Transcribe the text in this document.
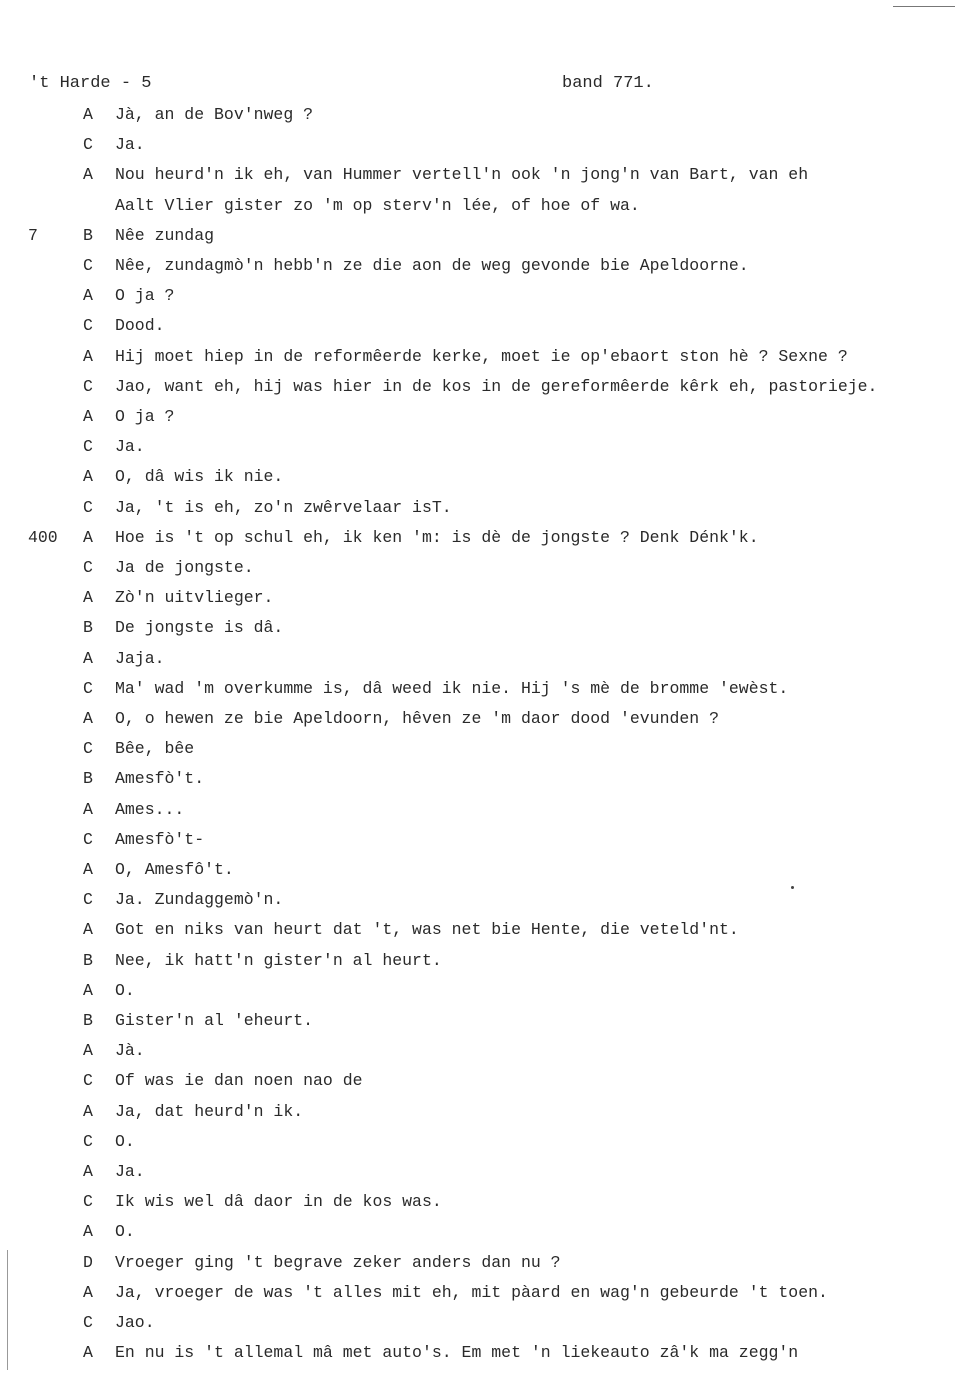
't Harde - 5	band 771.
A Jà, an de Bov'nweg ?
C Ja.
A Nou heurd'n ik eh, van Hummer vertell'n ook 'n jong'n van Bart, van eh
Aalt Vlier gister zo 'm op sterv'n lée, of hoe of wa.
7	B Nêe zundag
C Nêe, zundagmò'n hebb'n ze die aon de weg gevonde bie Apeldoorne.
A O ja ?
C Dood.
A Hij moet hiep in de reformêerde kerke, moet ie op'ebaort ston hè ? Sexne ?
C Jao, want eh, hij was hier in de kos in de gereformêerde kêrk eh, pastorieje.
A O ja ?
C Ja.
A O, dâ wis ik nie.
C Ja, 't is eh, zo'n zwêrvelaar isT.
400 A Hoe is 't op schul eh, ik ken 'm: is dè de jongste ? Denk Dénk'k.
C Ja de jongste.
A Zò'n uitvlieger.
B De jongste is dâ.
A Jaja.
C Ma' wad 'm overkumme is, dâ weed ik nie. Hij 's mè de bromme 'ewèst.
A O, o hewen ze bie Apeldoorn, hêven ze 'm daor dood 'evunden ?
C Bêe, bêe
B Amesfò't.
A Ames...
C Amesfò't-
A O, Amesfô't.
C Ja. Zundaggemò'n.
A Got en niks van heurt dat 't, was net bie Hente, die veteld'nt.
B Nee, ik hatt'n gister'n al heurt.
A O.
B Gister'n al 'eheurt.
A Jà.
C Of was ie dan noen nao de
A Ja, dat heurd'n ik.
C O.
A Ja.
C Ik wis wel dâ daor in de kos was.
A O.
D Vroeger ging 't begrave zeker anders dan nu ?
A Ja, vroeger de was 't alles mit eh, mit pàard en wag'n gebeurde 't toen.
C Jao.
A En nu is 't allemal mâ met auto's. Em met 'n liekeauto zâ'k ma zegg'n
